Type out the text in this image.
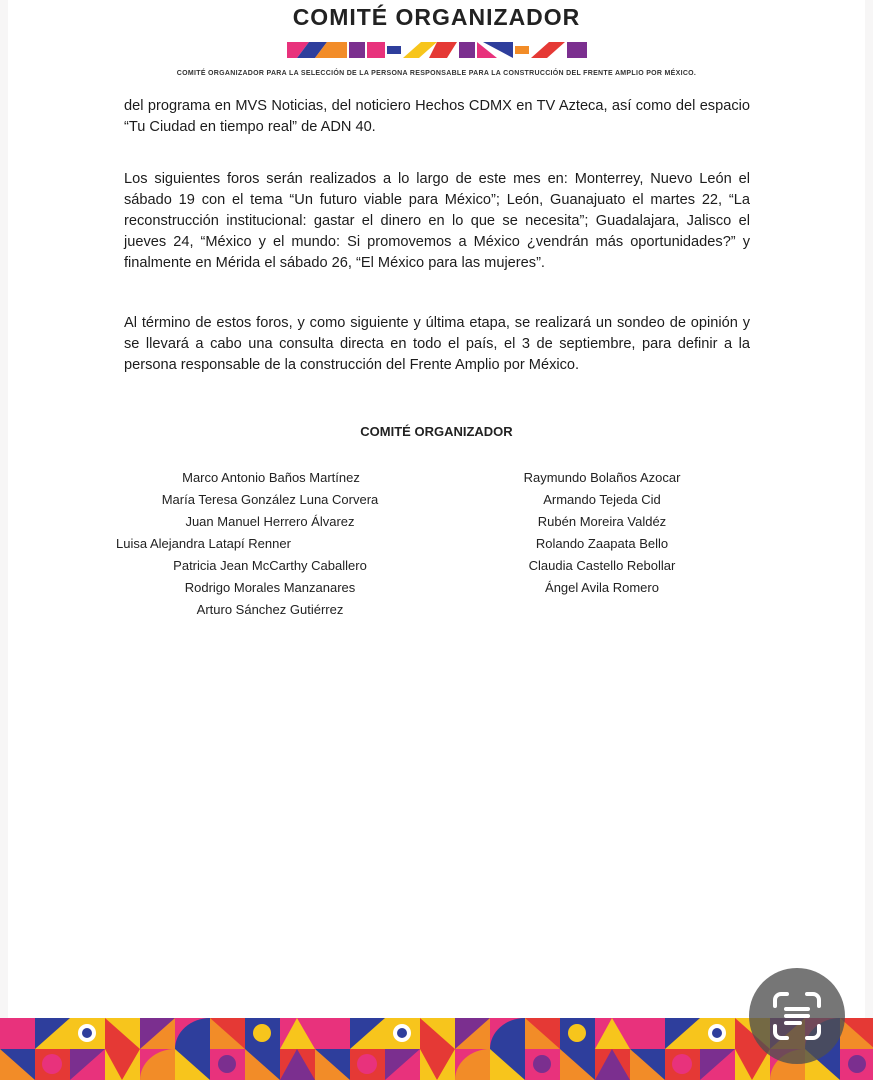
COMITÉ ORGANIZADOR
COMITÉ ORGANIZADOR PARA LA SELECCIÓN DE LA PERSONA RESPONSABLE PARA LA CONSTRUCCIÓN DEL FRENTE AMPLIO POR MÉXICO.

del programa en MVS Noticias, del noticiero Hechos CDMX en TV Azteca, así como del espacio “Tu Ciudad en tiempo real” de ADN 40.

Los siguientes foros serán realizados a lo largo de este mes en: Monterrey, Nuevo León el sábado 19 con el tema “Un futuro viable para México”; León, Guanajuato el martes 22, “La reconstrucción institucional: gastar el dinero en lo que se necesita”; Guadalajara, Jalisco el jueves 24, “México y el mundo: Si promovemos a México ¿vendrán más oportunidades?” y finalmente en Mérida el sábado 26, “El México para las mujeres”.

Al término de estos foros, y como siguiente y última etapa, se realizará un sondeo de opinión y se llevará a cabo una consulta directa en todo el país, el 3 de septiembre, para definir a la persona responsable de la construcción del Frente Amplio por México.

COMITÉ ORGANIZADOR
Marco Antonio Baños Martínez
María Teresa González Luna Corvera
Juan Manuel Herrero Álvarez
Luisa Alejandra Latapí Renner
Patricia Jean McCarthy Caballero
Rodrigo Morales Manzanares
Arturo Sánchez Gutiérrez
Raymundo Bolaños Azocar
Armando Tejeda Cid
Rubén Moreira Valdéz
Rolando Zaapata Bello
Claudia Castello Rebollar
Ángel Avila Romero
